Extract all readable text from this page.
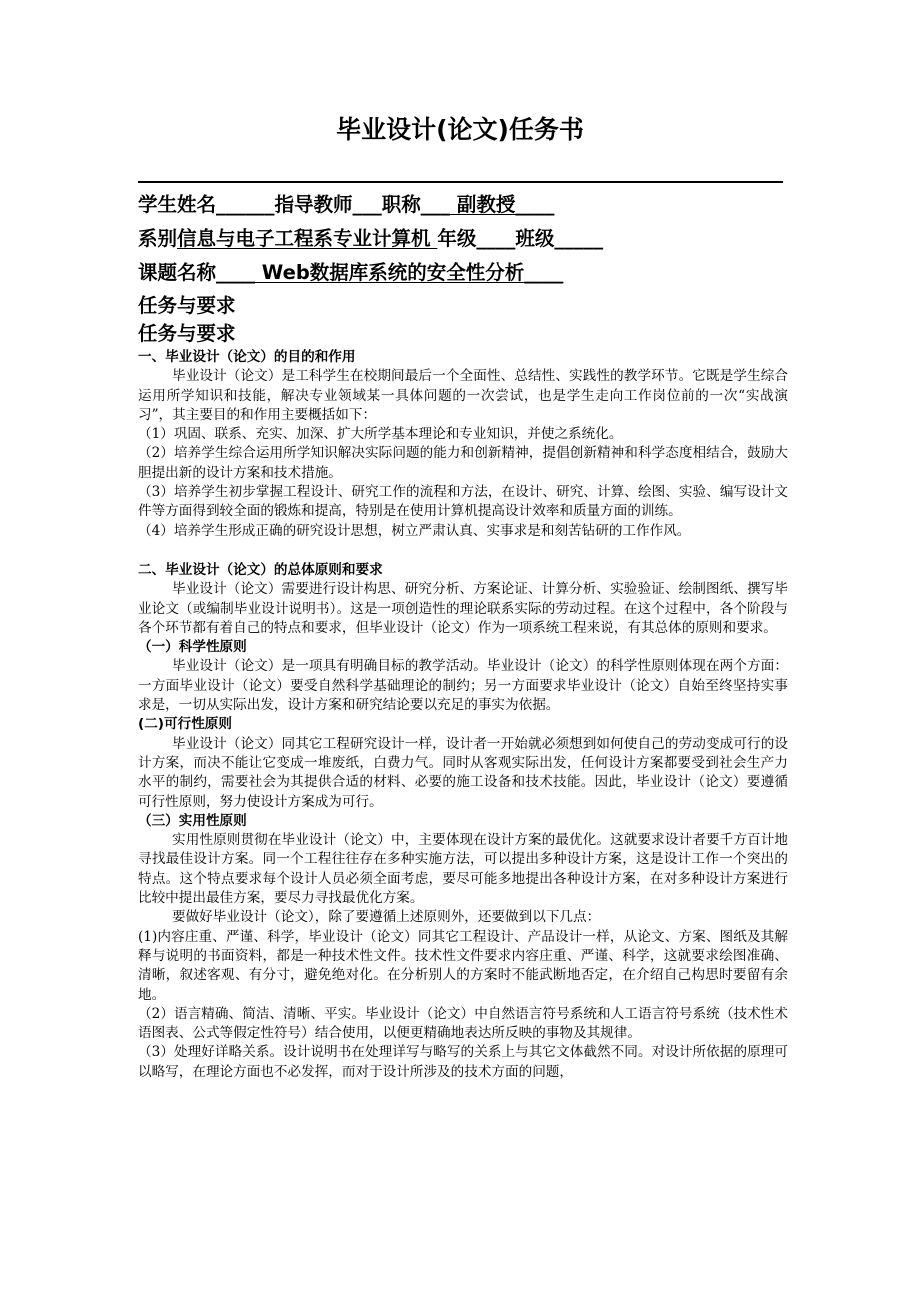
毕业设计(论文)任务书
学生姓名______指导教师___职称___ 副教授____
系别信息与电子工程系专业计算机 年级____班级_____
课题名称____ Web数据库系统的安全性分析____
任务与要求
任务与要求

一、毕业设计（论文）的目的和作用

毕业设计（论文）是工科学生在校期间最后一个全面性、总结性、实践性的教学环节。它既是学生综合运用所学知识和技能，解决专业领域某一具体问题的一次尝试，也是学生走向工作岗位前的一次“实战演习”，其主要目的和作用主要概括如下：

（1）巩固、联系、充实、加深、扩大所学基本理论和专业知识，并使之系统化。

（2）培养学生综合运用所学知识解决实际问题的能力和创新精神，提倡创新精神和科学态度相结合，鼓励大胆提出新的设计方案和技术措施。

（3）培养学生初步掌握工程设计、研究工作的流程和方法，在设计、研究、计算、绘图、实验、编写设计文件等方面得到较全面的锻炼和提高，特别是在使用计算机提高设计效率和质量方面的训练。

（4）培养学生形成正确的研究设计思想，树立严肃认真、实事求是和刻苦钻研的工作作风。

二、毕业设计（论文）的总体原则和要求

毕业设计（论文）需要进行设计构思、研究分析、方案论证、计算分析、实验验证、绘制图纸、撰写毕业论文（或编制毕业设计说明书）。这是一项创造性的理论联系实际的劳动过程。在这个过程中，各个阶段与各个环节都有着自己的特点和要求，但毕业设计（论文）作为一项系统工程来说，有其总体的原则和要求。

（一）科学性原则

毕业设计（论文）是一项具有明确目标的教学活动。毕业设计（论文）的科学性原则体现在两个方面：一方面毕业设计（论文）要受自然科学基础理论的制约；另一方面要求毕业设计（论文）自始至终坚持实事求是，一切从实际出发，设计方案和研究结论要以充足的事实为依据。

(二)可行性原则

毕业设计（论文）同其它工程研究设计一样，设计者一开始就必须想到如何使自己的劳动变成可行的设计方案，而决不能让它变成一堆废纸，白费力气。同时从客观实际出发，任何设计方案都要受到社会生产力水平的制约，需要社会为其提供合适的材料、必要的施工设备和技术技能。因此，毕业设计（论文）要遵循可行性原则，努力使设计方案成为可行。

（三）实用性原则

实用性原则贯彻在毕业设计（论文）中，主要体现在设计方案的最优化。这就要求设计者要千方百计地寻找最佳设计方案。同一个工程往往存在多种实施方法，可以提出多种设计方案，这是设计工作一个突出的特点。这个特点要求每个设计人员必须全面考虑，要尽可能多地提出各种设计方案，在对多种设计方案进行比较中提出最佳方案，要尽力寻找最优化方案。

要做好毕业设计（论文），除了要遵循上述原则外，还要做到以下几点：

(1)内容庄重、严谨、科学，毕业设计（论文）同其它工程设计、产品设计一样，从论文、方案、图纸及其解释与说明的书面资料，都是一种技术性文件。技术性文件要求内容庄重、严谨、科学，这就要求绘图准确、清晰，叙述客观、有分寸，避免绝对化。在分析别人的方案时不能武断地否定，在介绍自己构思时要留有余地。

（2）语言精确、简洁、清晰、平实。毕业设计（论文）中自然语言符号系统和人工语言符号系统（技术性术语图表、公式等假定性符号）结合使用，以便更精确地表达所反映的事物及其规律。

（3）处理好详略关系。设计说明书在处理详写与略写的关系上与其它文体截然不同。对设计所依据的原理可以略写，在理论方面也不必发挥，而对于设计所涉及的技术方面的问题，
